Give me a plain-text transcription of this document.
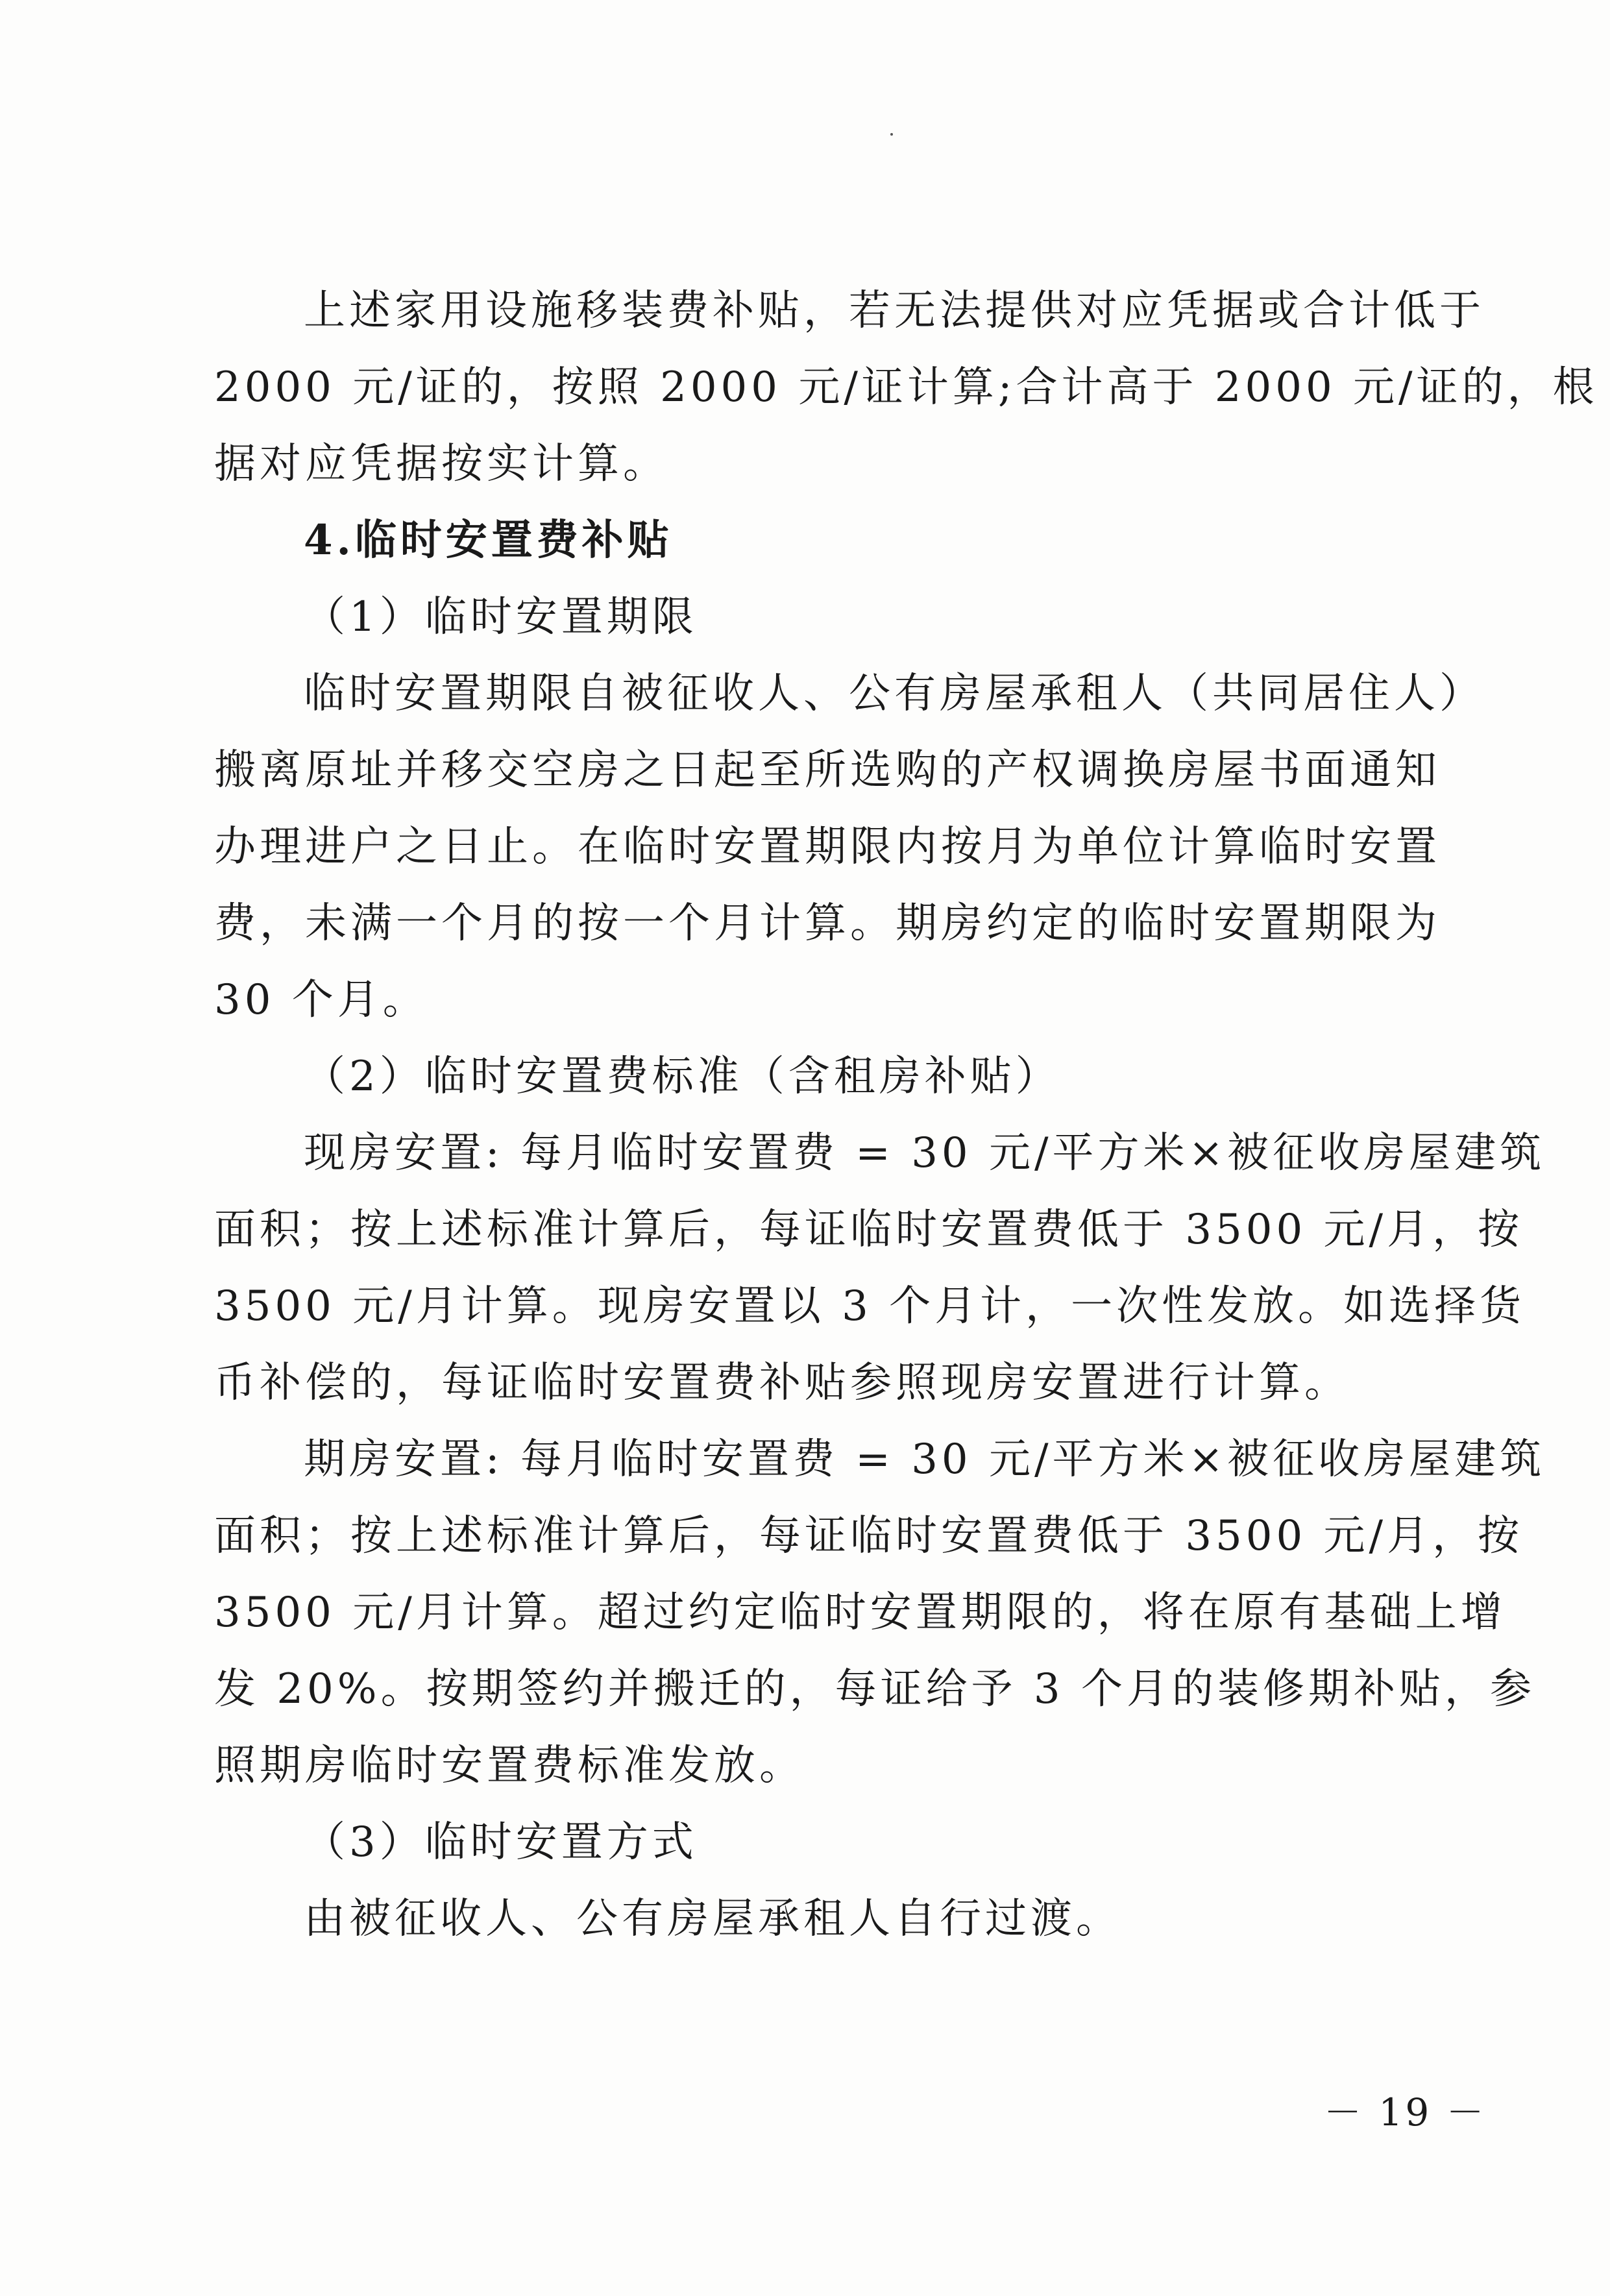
上述家用设施移装费补贴，若无法提供对应凭据或合计低于
2000 元/证的，按照 2000 元/证计算;合计高于 2000 元/证的，根
据对应凭据按实计算。
4.临时安置费补贴
（1）临时安置期限
临时安置期限自被征收人、公有房屋承租人（共同居住人）
搬离原址并移交空房之日起至所选购的产权调换房屋书面通知
办理进户之日止。在临时安置期限内按月为单位计算临时安置
费，未满一个月的按一个月计算。期房约定的临时安置期限为
30 个月。
（2）临时安置费标准（含租房补贴）
现房安置: 每月临时安置费 = 30 元/平方米×被征收房屋建筑
面积；按上述标准计算后，每证临时安置费低于 3500 元/月，按
3500 元/月计算。现房安置以 3 个月计，一次性发放。如选择货
币补偿的，每证临时安置费补贴参照现房安置进行计算。
期房安置: 每月临时安置费 = 30 元/平方米×被征收房屋建筑
面积；按上述标准计算后，每证临时安置费低于 3500 元/月，按
3500 元/月计算。超过约定临时安置期限的，将在原有基础上增
发 20%。按期签约并搬迁的，每证给予 3 个月的装修期补贴，参
照期房临时安置费标准发放。
（3）临时安置方式
由被征收人、公有房屋承租人自行过渡。
－ 19 －
